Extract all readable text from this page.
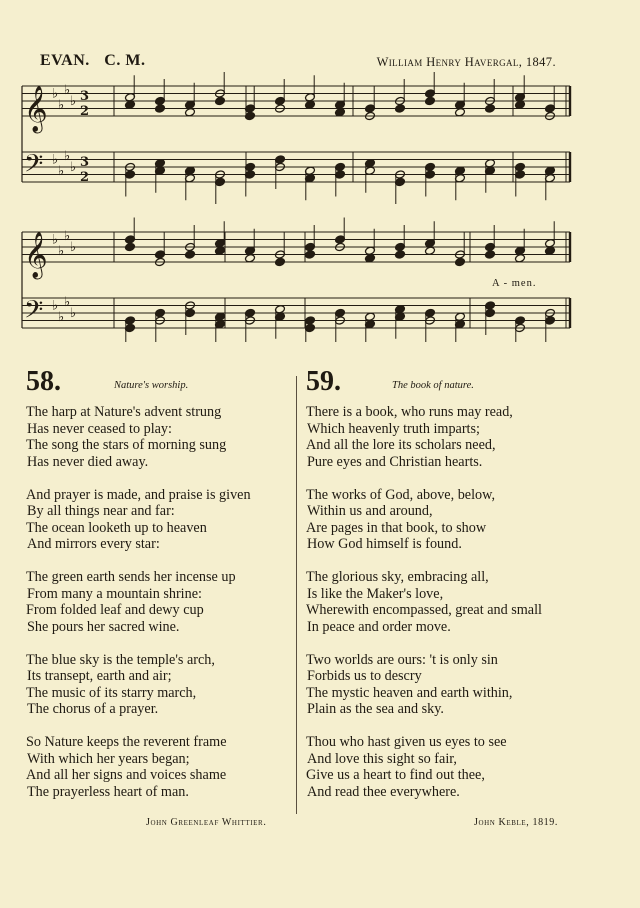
EVAN. C. M.	William Henry Havergal, 1847.
𝄞 ♭
♭
♭
♭ 3
2
𝄢 ♭
♭
♭
♭ 3
2
𝄞 ♭
♭
♭
♭
𝄢 ♭
♭
♭
♭
A - men.
58.	Nature's worship.
The harp at Nature's advent strung
Has never ceased to play:
The song the stars of morning sung
Has never died away.
And prayer is made, and praise is given
By all things near and far:
The ocean looketh up to heaven
And mirrors every star:
The green earth sends her incense up
From many a mountain shrine:
From folded leaf and dewy cup
She pours her sacred wine.
The blue sky is the temple's arch,
Its transept, earth and air;
The music of its starry march,
The chorus of a prayer.
So Nature keeps the reverent frame
With which her years began;
And all her signs and voices shame
The prayerless heart of man.
John Greenleaf Whittier.
59.	The book of nature.
There is a book, who runs may read,
Which heavenly truth imparts;
And all the lore its scholars need,
Pure eyes and Christian hearts.
The works of God, above, below,
Within us and around,
Are pages in that book, to show
How God himself is found.
The glorious sky, embracing all,
Is like the Maker's love,
Wherewith encompassed, great and small
In peace and order move.
Two worlds are ours: 't is only sin
Forbids us to descry
The mystic heaven and earth within,
Plain as the sea and sky.
Thou who hast given us eyes to see
And love this sight so fair,
Give us a heart to find out thee,
And read thee everywhere.
John Keble, 1819.
